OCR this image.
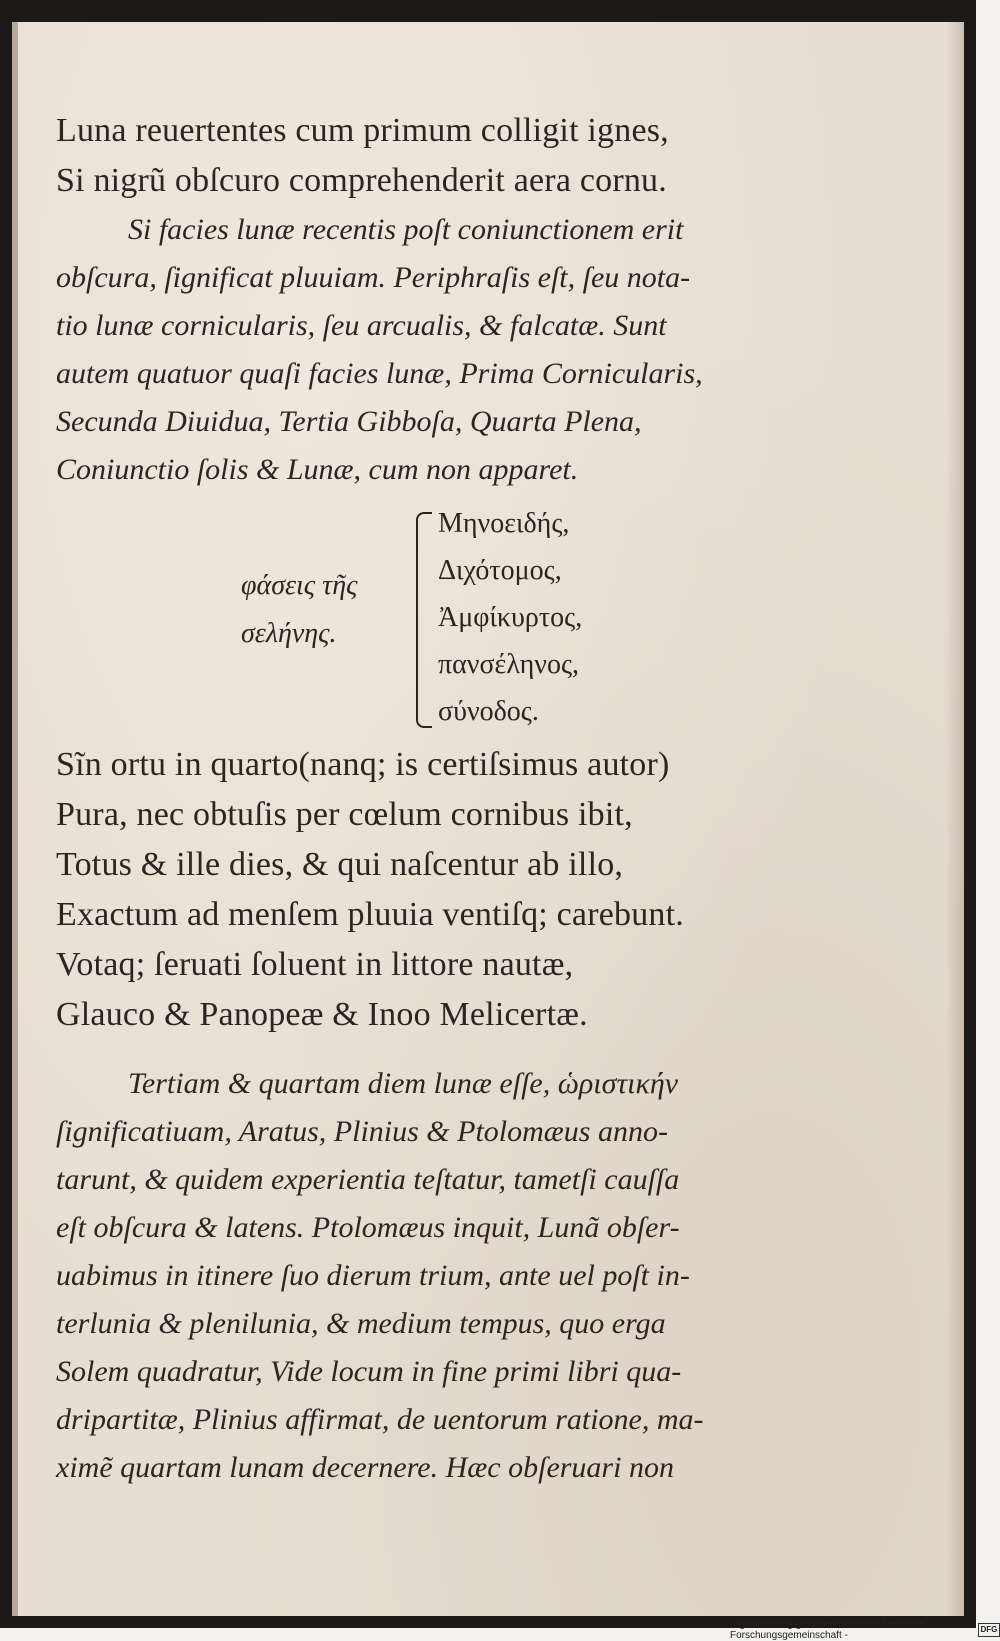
Luna reuertentes cum primum colligit ignes,
Si nigrũ obſcuro comprehenderit aera cornu.
Si facies lunæ recentis poſt coniunctionem erit
obſcura, ſignificat pluuiam. Periphraſis eſt, ſeu nota-
tio lunæ cornicularis, ſeu arcualis, & falcatæ. Sunt
autem quatuor quaſi facies lunæ, Prima Cornicularis,
Secunda Diuidua, Tertia Gibboſa, Quarta Plena,
Coniunctio ſolis & Lunæ, cum non apparet.
φάσεις τῆς
σελήνης.
Μηνοειδής,
Διχότομος,
Ἀμφίκυρτος,
πανσέληνος,
σύνοδος.
Sĩn ortu in quarto(nanq; is certiſsimus autor)
Pura, nec obtuſis per cœlum cornibus ibit,
Totus & ille dies, & qui naſcentur ab illo,
Exactum ad menſem pluuia ventiſq; carebunt.
Votaq; ſeruati ſoluent in littore nautæ,
Glauco & Panopeæ & Inoo Melicertæ.
Tertiam & quartam diem lunæ eſſe, ὡριστικήν
ſignificatiuam, Aratus, Plinius & Ptolomæus anno-
tarunt, & quidem experientia teſtatur, tametſi cauſſa
eſt obſcura & latens. Ptolomæus inquit, Lunã obſer-
uabimus in itinere ſuo dierum trium, ante uel poſt in-
terlunia & plenilunia, & medium tempus, quo erga
Solem quadratur, Vide locum in fine primi libri qua-
dripartitæ, Plinius affirmat, de uentorum ratione, ma-
ximẽ quartam lunam decernere. Hæc obſeruari non
Digitalisierung gefördert durch die Deutsche Forschungsgemeinschaft -
DFG
